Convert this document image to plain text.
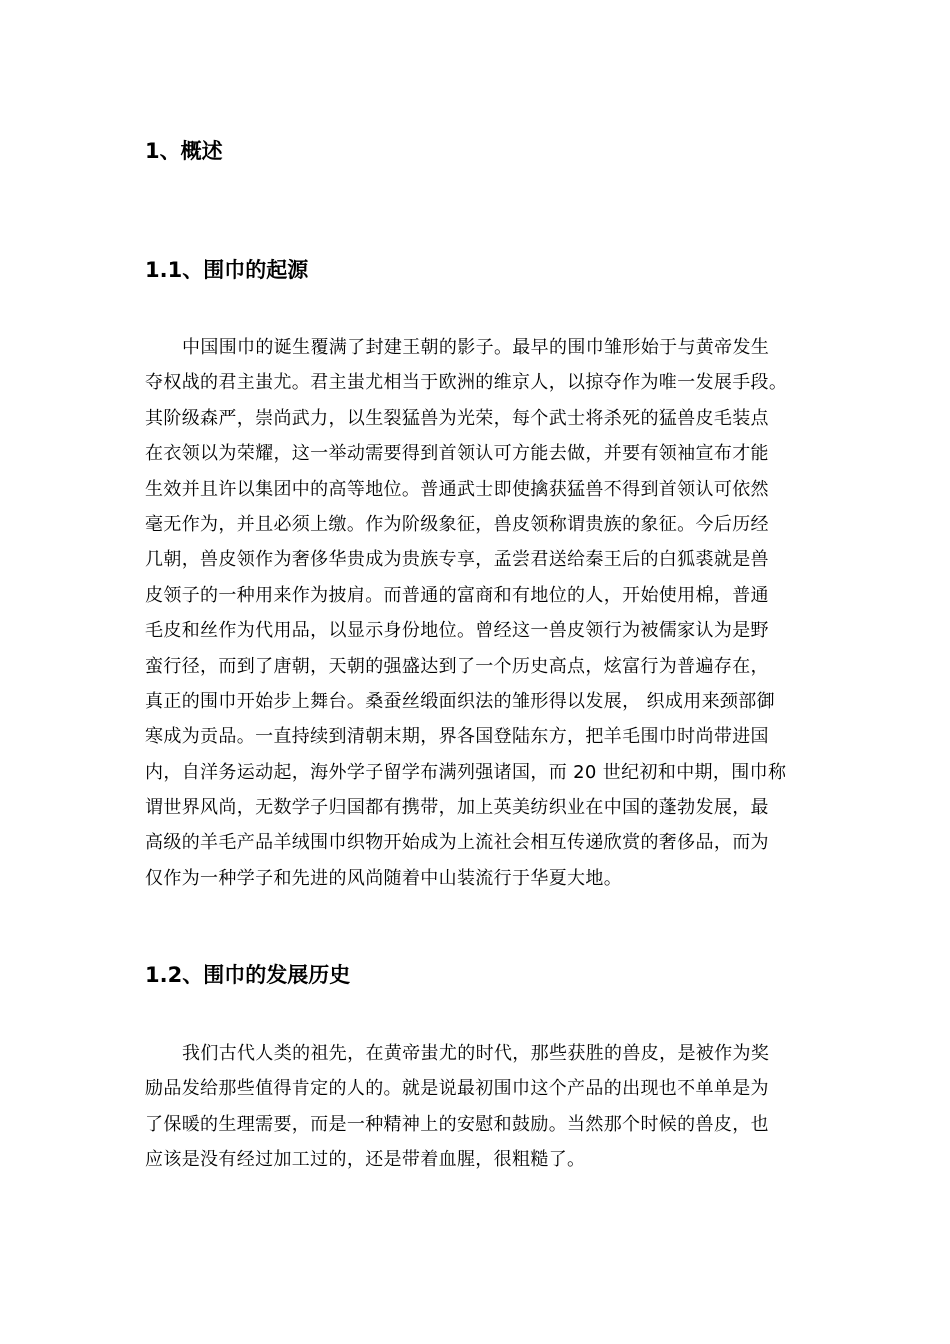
1、概述
1.1、围巾的起源
中国围巾的诞生覆满了封建王朝的影子。最早的围巾雏形始于与黄帝发生
夺权战的君主蚩尤。君主蚩尤相当于欧洲的维京人，以掠夺作为唯一发展手段。
其阶级森严，崇尚武力，以生裂猛兽为光荣，每个武士将杀死的猛兽皮毛装点
在衣领以为荣耀，这一举动需要得到首领认可方能去做，并要有领袖宣布才能
生效并且许以集团中的高等地位。普通武士即使擒获猛兽不得到首领认可依然
毫无作为，并且必须上缴。作为阶级象征，兽皮领称谓贵族的象征。今后历经
几朝，兽皮领作为奢侈华贵成为贵族专享，孟尝君送给秦王后的白狐裘就是兽
皮领子的一种用来作为披肩。而普通的富商和有地位的人，开始使用棉，普通
毛皮和丝作为代用品，以显示身份地位。曾经这一兽皮领行为被儒家认为是野
蛮行径，而到了唐朝，天朝的强盛达到了一个历史高点，炫富行为普遍存在，
真正的围巾开始步上舞台。桑蚕丝缎面织法的雏形得以发展， 织成用来颈部御
寒成为贡品。一直持续到清朝末期，界各国登陆东方，把羊毛围巾时尚带进国
内，自洋务运动起，海外学子留学布满列强诸国，而 20 世纪初和中期，围巾称
谓世界风尚，无数学子归国都有携带，加上英美纺织业在中国的蓬勃发展，最
高级的羊毛产品羊绒围巾织物开始成为上流社会相互传递欣赏的奢侈品，而为
仅作为一种学子和先进的风尚随着中山装流行于华夏大地。
1.2、围巾的发展历史
我们古代人类的祖先，在黄帝蚩尤的时代，那些获胜的兽皮，是被作为奖
励品发给那些值得肯定的人的。就是说最初围巾这个产品的出现也不单单是为
了保暖的生理需要，而是一种精神上的安慰和鼓励。当然那个时候的兽皮，也
应该是没有经过加工过的，还是带着血腥，很粗糙了。
